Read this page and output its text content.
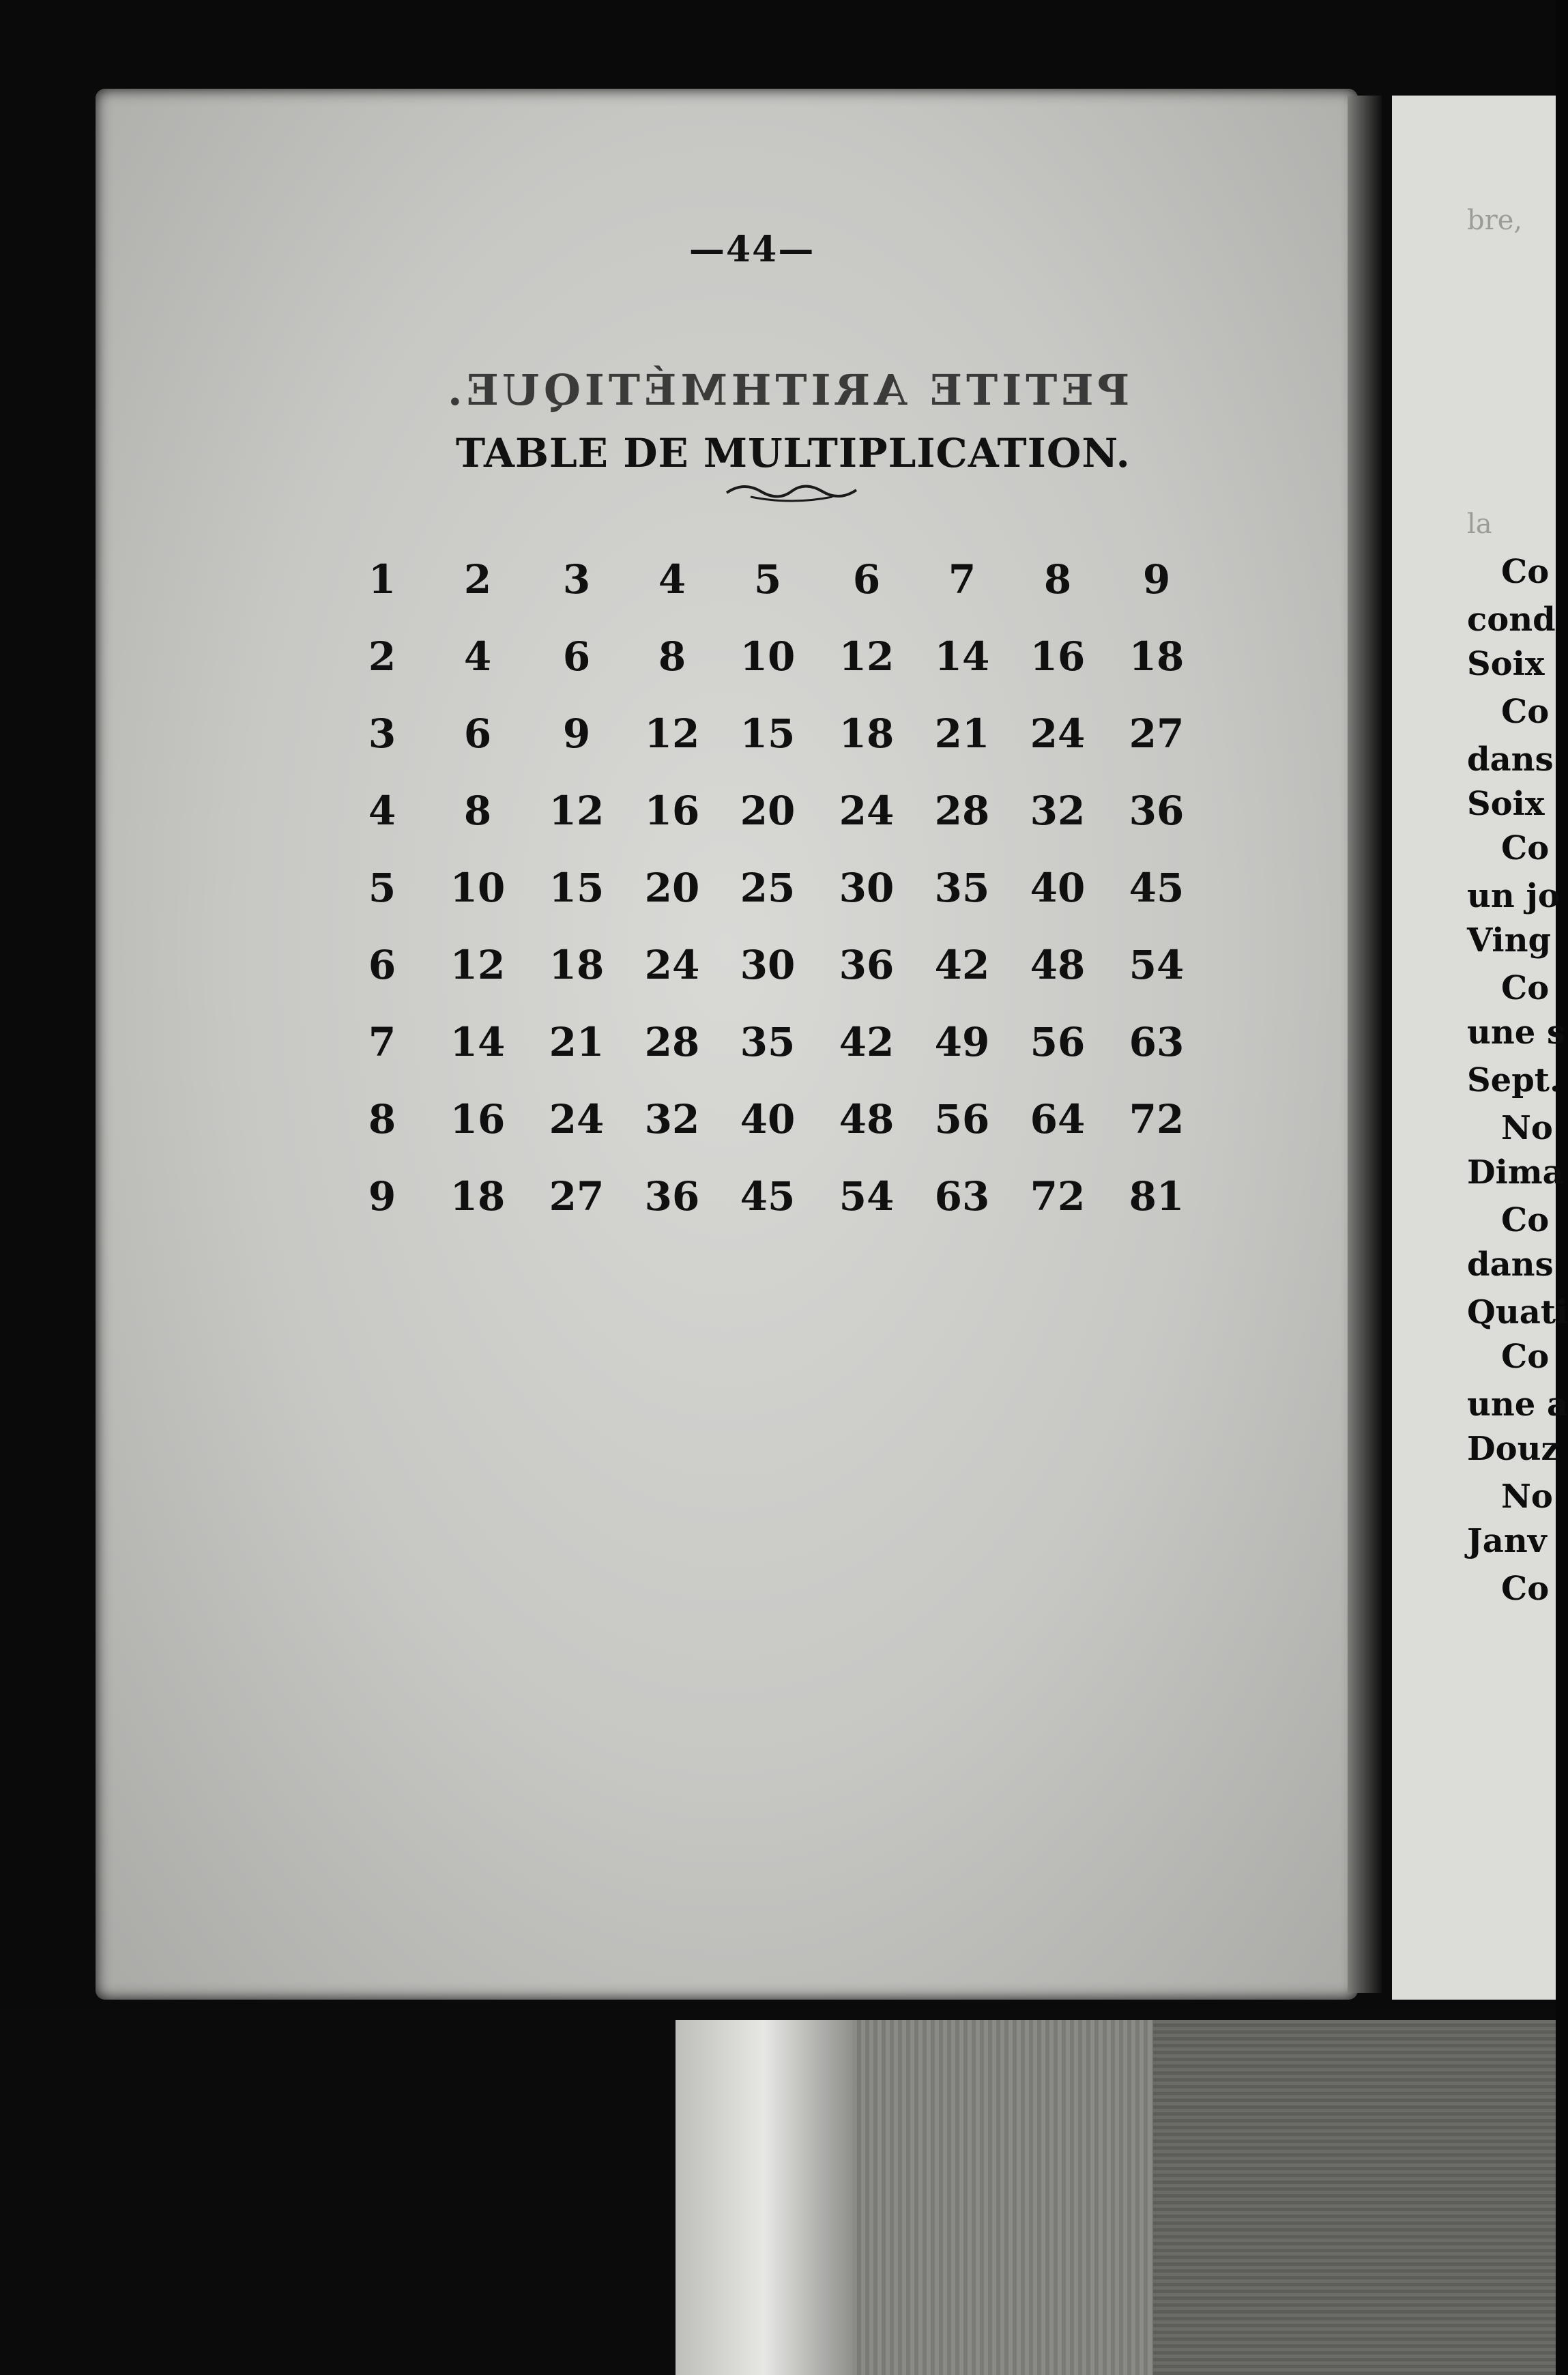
bre,
la
Co
cond
Soix
Co
dans
Soix
Co
un jo
Ving
Co
une s
Sept.
No
Dima
Co
dans
Quati
Co
une a
Douz
No
Janv
Co
—44—
PETITE ARITHMÉTIQUE.
TABLE DE MULTIPLICATION.
1	2	3	4	5	6	7	8	9
2	4	6	8	10	12	14	16	18
3	6	9	12	15	18	21	24	27
4	8	12	16	20	24	28	32	36
5	10	15	20	25	30	35	40	45
6	12	18	24	30	36	42	48	54
7	14	21	28	35	42	49	56	63
8	16	24	32	40	48	56	64	72
9	18	27	36	45	54	63	72	81
